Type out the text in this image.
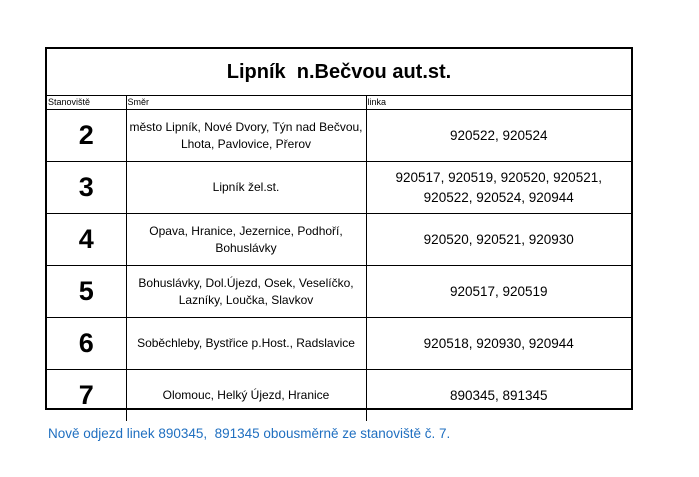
Lipník  n.Bečvou aut.st.
Stanoviště	Směr	linka
2	město Lipník, Nové Dvory, Týn nad Bečvou, Lhota, Pavlovice, Přerov	920522, 920524
3	Lipník žel.st.	920517, 920519, 920520, 920521, 920522, 920524, 920944
4	Opava, Hranice, Jezernice, Podhoří, Bohuslávky	920520, 920521, 920930
5	Bohuslávky, Dol.Újezd, Osek, Veselíčko, Lazníky, Loučka, Slavkov	920517, 920519
6	Soběchleby, Bystřice p.Host., Radslavice	920518, 920930, 920944
7	Olomouc, Helký Újezd, Hranice	890345, 891345
Nově odjezd linek 890345,  891345 obousměrně ze stanoviště č. 7.
